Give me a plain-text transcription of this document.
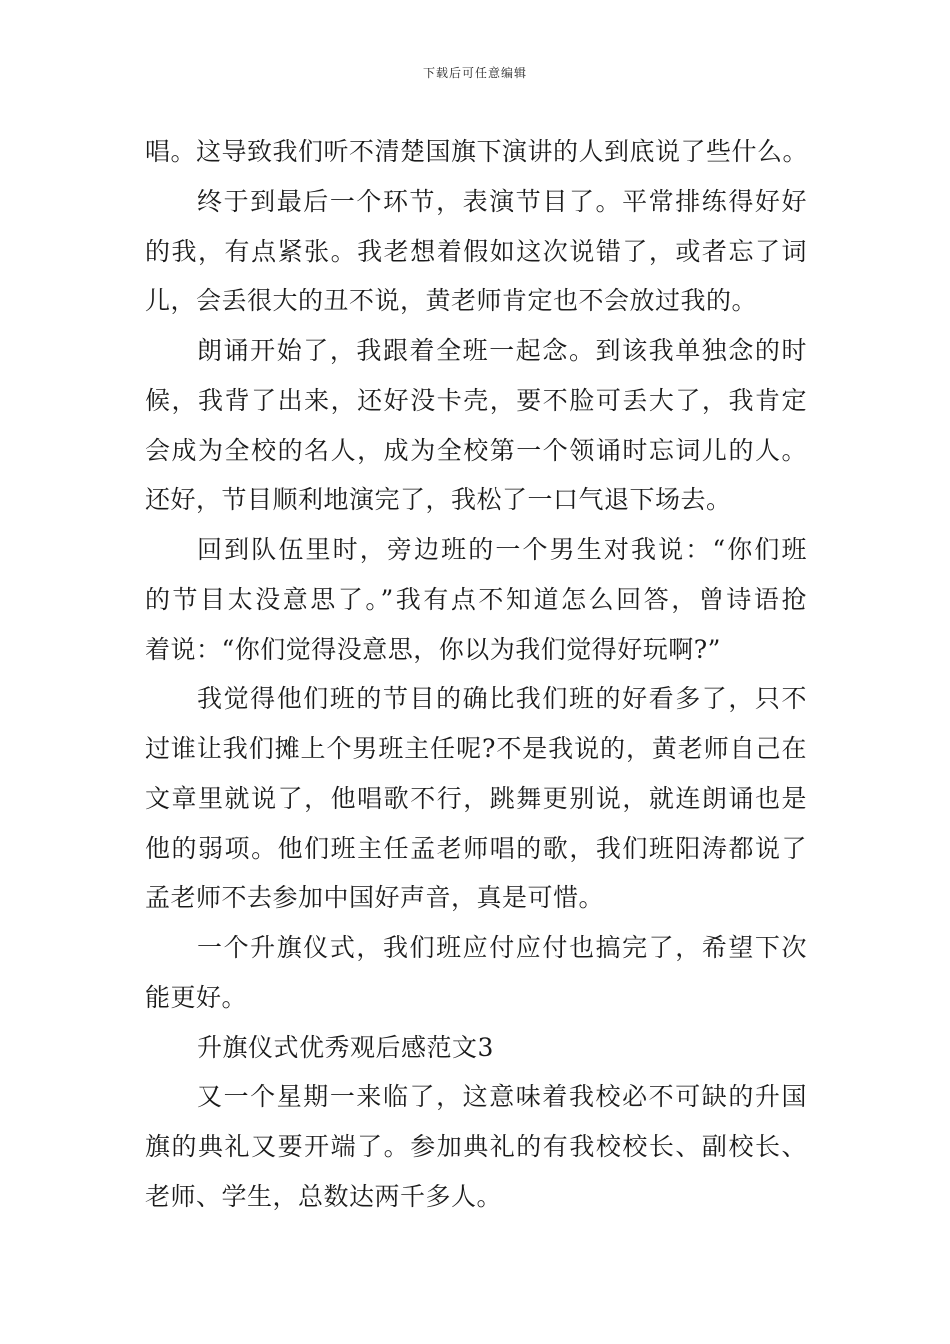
下载后可任意编辑
唱。这导致我们听不清楚国旗下演讲的人到底说了些什么。
终于到最后一个环节，表演节目了。平常排练得好好
的我，有点紧张。我老想着假如这次说错了，或者忘了词
儿，会丢很大的丑不说，黄老师肯定也不会放过我的。
朗诵开始了，我跟着全班一起念。到该我单独念的时
候，我背了出来，还好没卡壳，要不脸可丢大了，我肯定
会成为全校的名人，成为全校第一个领诵时忘词儿的人。
还好，节目顺利地演完了，我松了一口气退下场去。
回到队伍里时，旁边班的一个男生对我说：“你们班
的节目太没意思了。”我有点不知道怎么回答，曾诗语抢
着说：“你们觉得没意思，你以为我们觉得好玩啊?”
我觉得他们班的节目的确比我们班的好看多了，只不
过谁让我们摊上个男班主任呢?不是我说的，黄老师自己在
文章里就说了，他唱歌不行，跳舞更别说，就连朗诵也是
他的弱项。他们班主任孟老师唱的歌，我们班阳涛都说了
孟老师不去参加中国好声音，真是可惜。
一个升旗仪式，我们班应付应付也搞完了，希望下次
能更好。
升旗仪式优秀观后感范文3
又一个星期一来临了，这意味着我校必不可缺的升国
旗的典礼又要开端了。参加典礼的有我校校长、副校长、
老师、学生，总数达两千多人。
